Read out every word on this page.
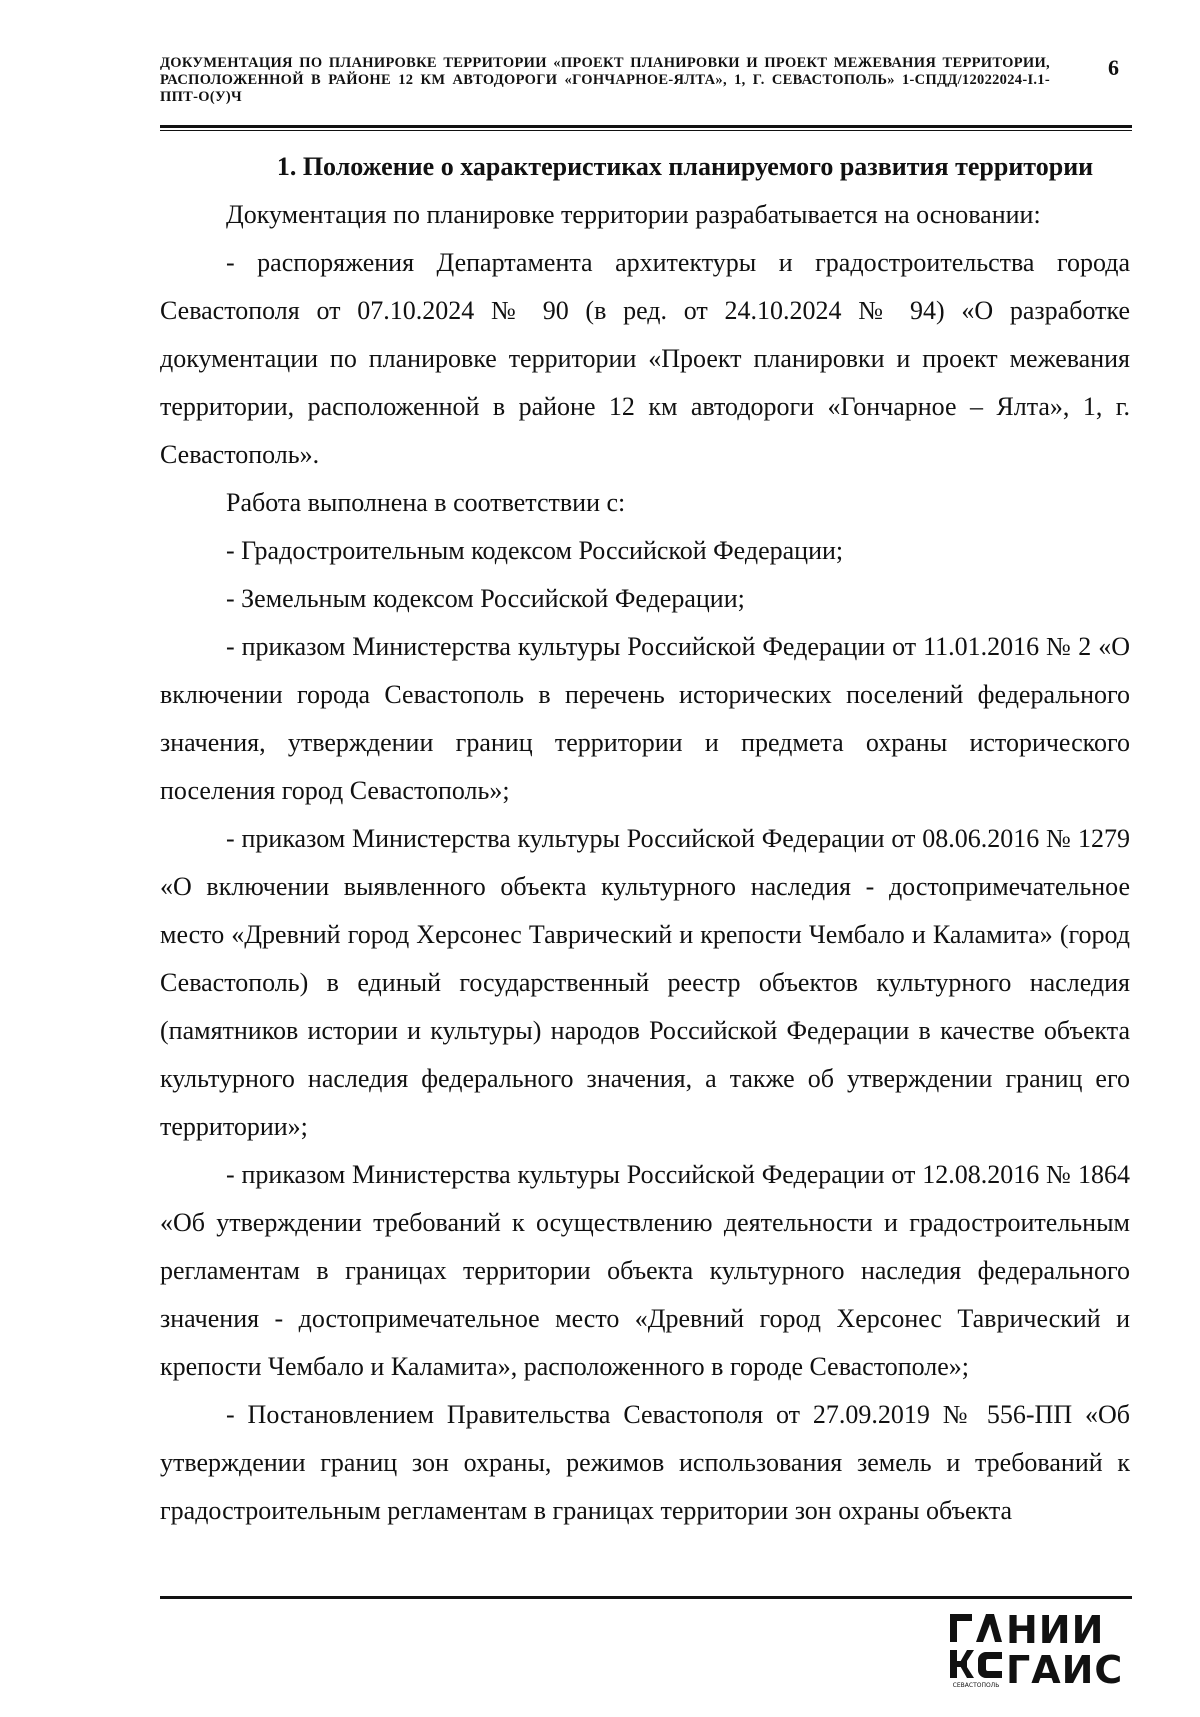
ДОКУМЕНТАЦИЯ ПО ПЛАНИРОВКЕ ТЕРРИТОРИИ «ПРОЕКТ ПЛАНИРОВКИ И ПРОЕКТ МЕЖЕВАНИЯ ТЕРРИТОРИИ, РАСПОЛОЖЕННОЙ В РАЙОНЕ 12 КМ АВТОДОРОГИ «ГОНЧАРНОЕ-ЯЛТА», 1, Г. СЕВАСТОПОЛЬ» 1-СПДД/12022024-I.1-ППТ-О(У)Ч
6

1. Положение о характеристиках планируемого развития территории

Документация по планировке территории разрабатывается на основании:

- распоряжения Департамента архитектуры и градостроительства города Севастополя от 07.10.2024 № 90 (в ред. от 24.10.2024 № 94) «О разработке документации по планировке территории «Проект планировки и проект межевания территории, расположенной в районе 12 км автодороги «Гончарное – Ялта», 1, г. Севастополь».

Работа выполнена в соответствии с:

- Градостроительным кодексом Российской Федерации;

- Земельным кодексом Российской Федерации;

- приказом Министерства культуры Российской Федерации от 11.01.2016 № 2 «О включении города Севастополь в перечень исторических поселений федерального значения, утверждении границ территории и предмета охраны исторического поселения город Севастополь»;

- приказом Министерства культуры Российской Федерации от 08.06.2016 № 1279 «О включении выявленного объекта культурного наследия - достопримечательное место «Древний город Херсонес Таврический и крепости Чембало и Каламита» (город Севастополь) в единый государственный реестр объектов культурного наследия (памятников истории и культуры) народов Российской Федерации в качестве объекта культурного наследия федерального значения, а также об утверждении границ его территории»;

- приказом Министерства культуры Российской Федерации от 12.08.2016 № 1864 «Об утверждении требований к осуществлению деятельности и градостроительным регламентам в границах территории объекта культурного наследия федерального значения - достопримечательное место «Древний город Херсонес Таврический и крепости Чембало и Каламита», расположенного в городе Севастополе»;

- Постановлением Правительства Севастополя от 27.09.2019 № 556-ПП «Об утверждении границ зон охраны, режимов использования земель и требований к градостроительным регламентам в границах территории зон охраны объекта

НИИ
ГАИС
СЕВАСТОПОЛЬ
